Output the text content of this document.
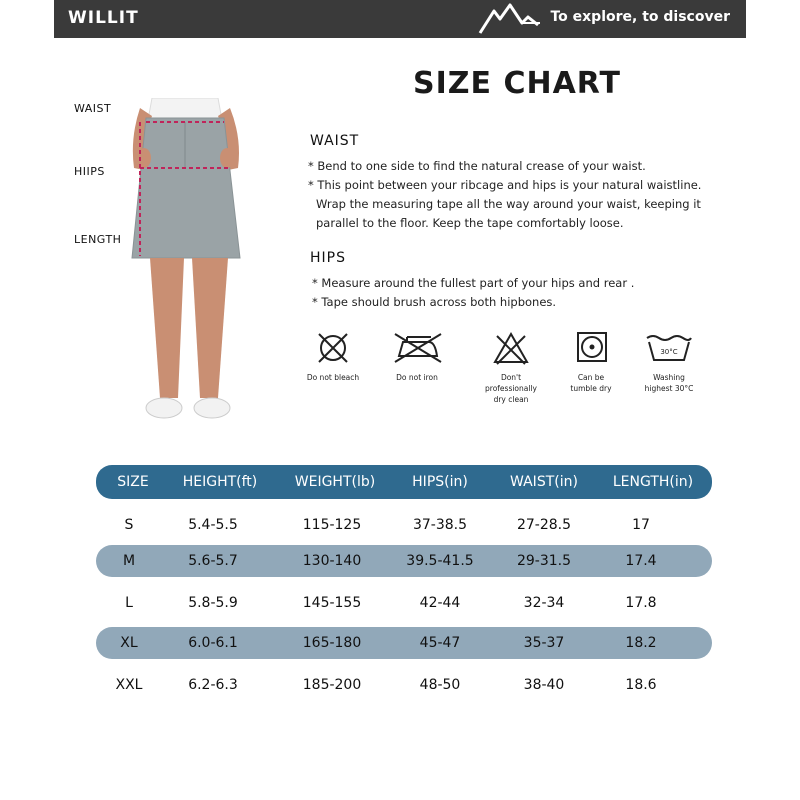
WILLIT	To explore, to discover
SIZE CHART
WAIST
HIIPS
LENGTH
WAIST
* Bend to one side to find the natural crease of your waist.
* This point between your ribcage and hips is your natural waistline.
Wrap the measuring tape all the way around your waist, keeping it
parallel to the floor. Keep the tape comfortably loose.
HIPS
* Measure around the fullest part of your hips and rear .
* Tape should brush across both hipbones.
Do not bleach	Do not iron	Don't professionally
dry clean
Can be
tumble dry
30°C
Washing
highest 30°C
SIZE	HEIGHT(ft)	WEIGHT(lb)	HIPS(in)	WAIST(in)	LENGTH(in)
S	5.4-5.5	115-125	37-38.5	27-28.5	17
M	5.6-5.7	130-140	39.5-41.5	29-31.5	17.4
L	5.8-5.9	145-155	42-44	32-34	17.8
XL	6.0-6.1	165-180	45-47	35-37	18.2
XXL	6.2-6.3	185-200	48-50	38-40	18.6
